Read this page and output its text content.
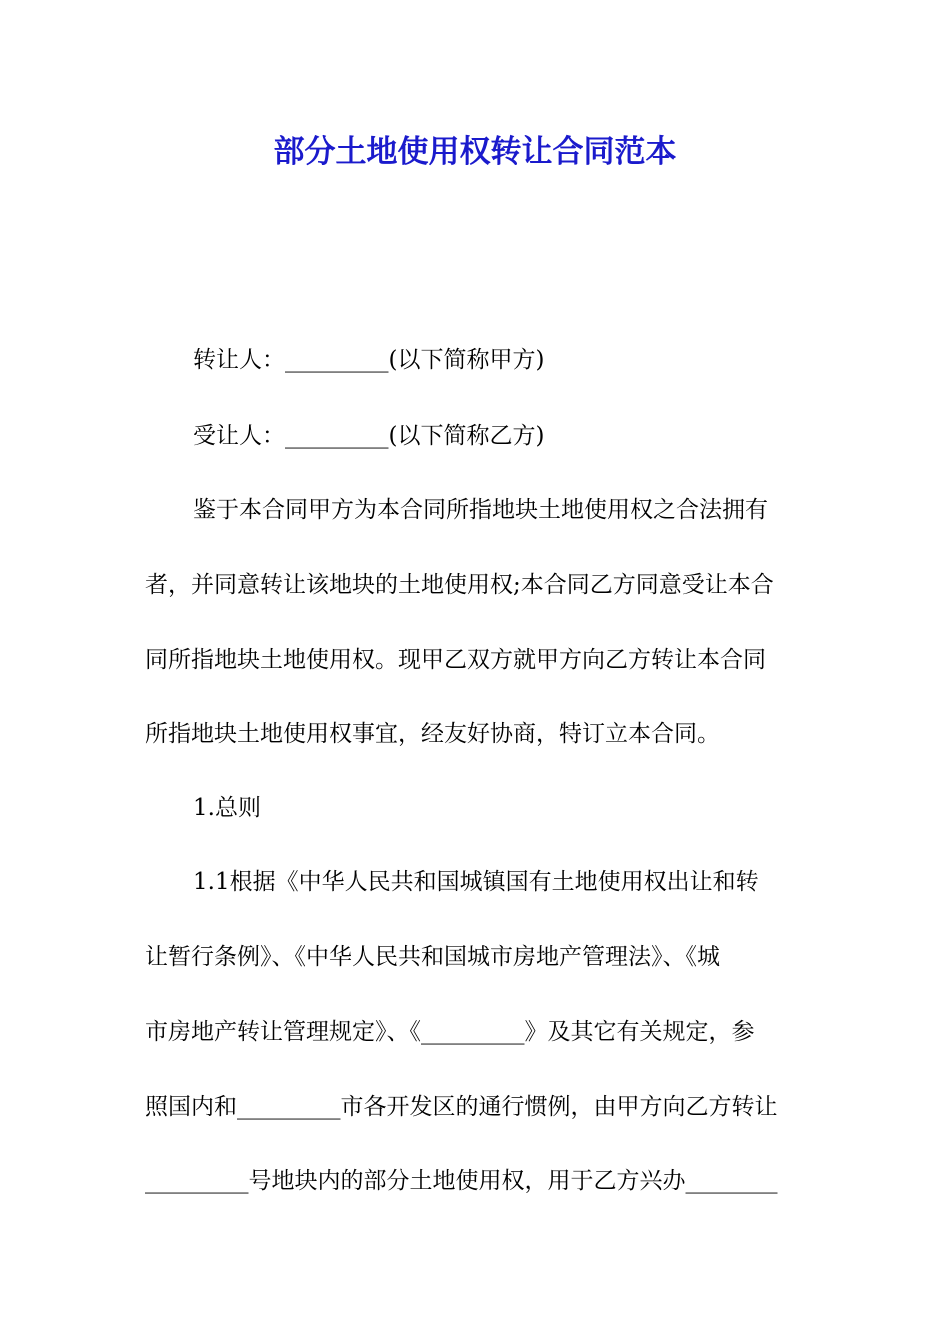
部分土地使用权转让合同范本

转让人：_________(以下简称甲方)

受让人：_________(以下简称乙方)

鉴于本合同甲方为本合同所指地块土地使用权之合法拥有

者，并同意转让该地块的土地使用权;本合同乙方同意受让本合

同所指地块土地使用权。现甲乙双方就甲方向乙方转让本合同

所指地块土地使用权事宜，经友好协商，特订立本合同。

1.总则

1.1根据《中华人民共和国城镇国有土地使用权出让和转

让暂行条例》、《中华人民共和国城市房地产管理法》、《城

市房地产转让管理规定》、《_________》及其它有关规定，参

照国内和_________市各开发区的通行惯例，由甲方向乙方转让

_________号地块内的部分土地使用权，用于乙方兴办________
